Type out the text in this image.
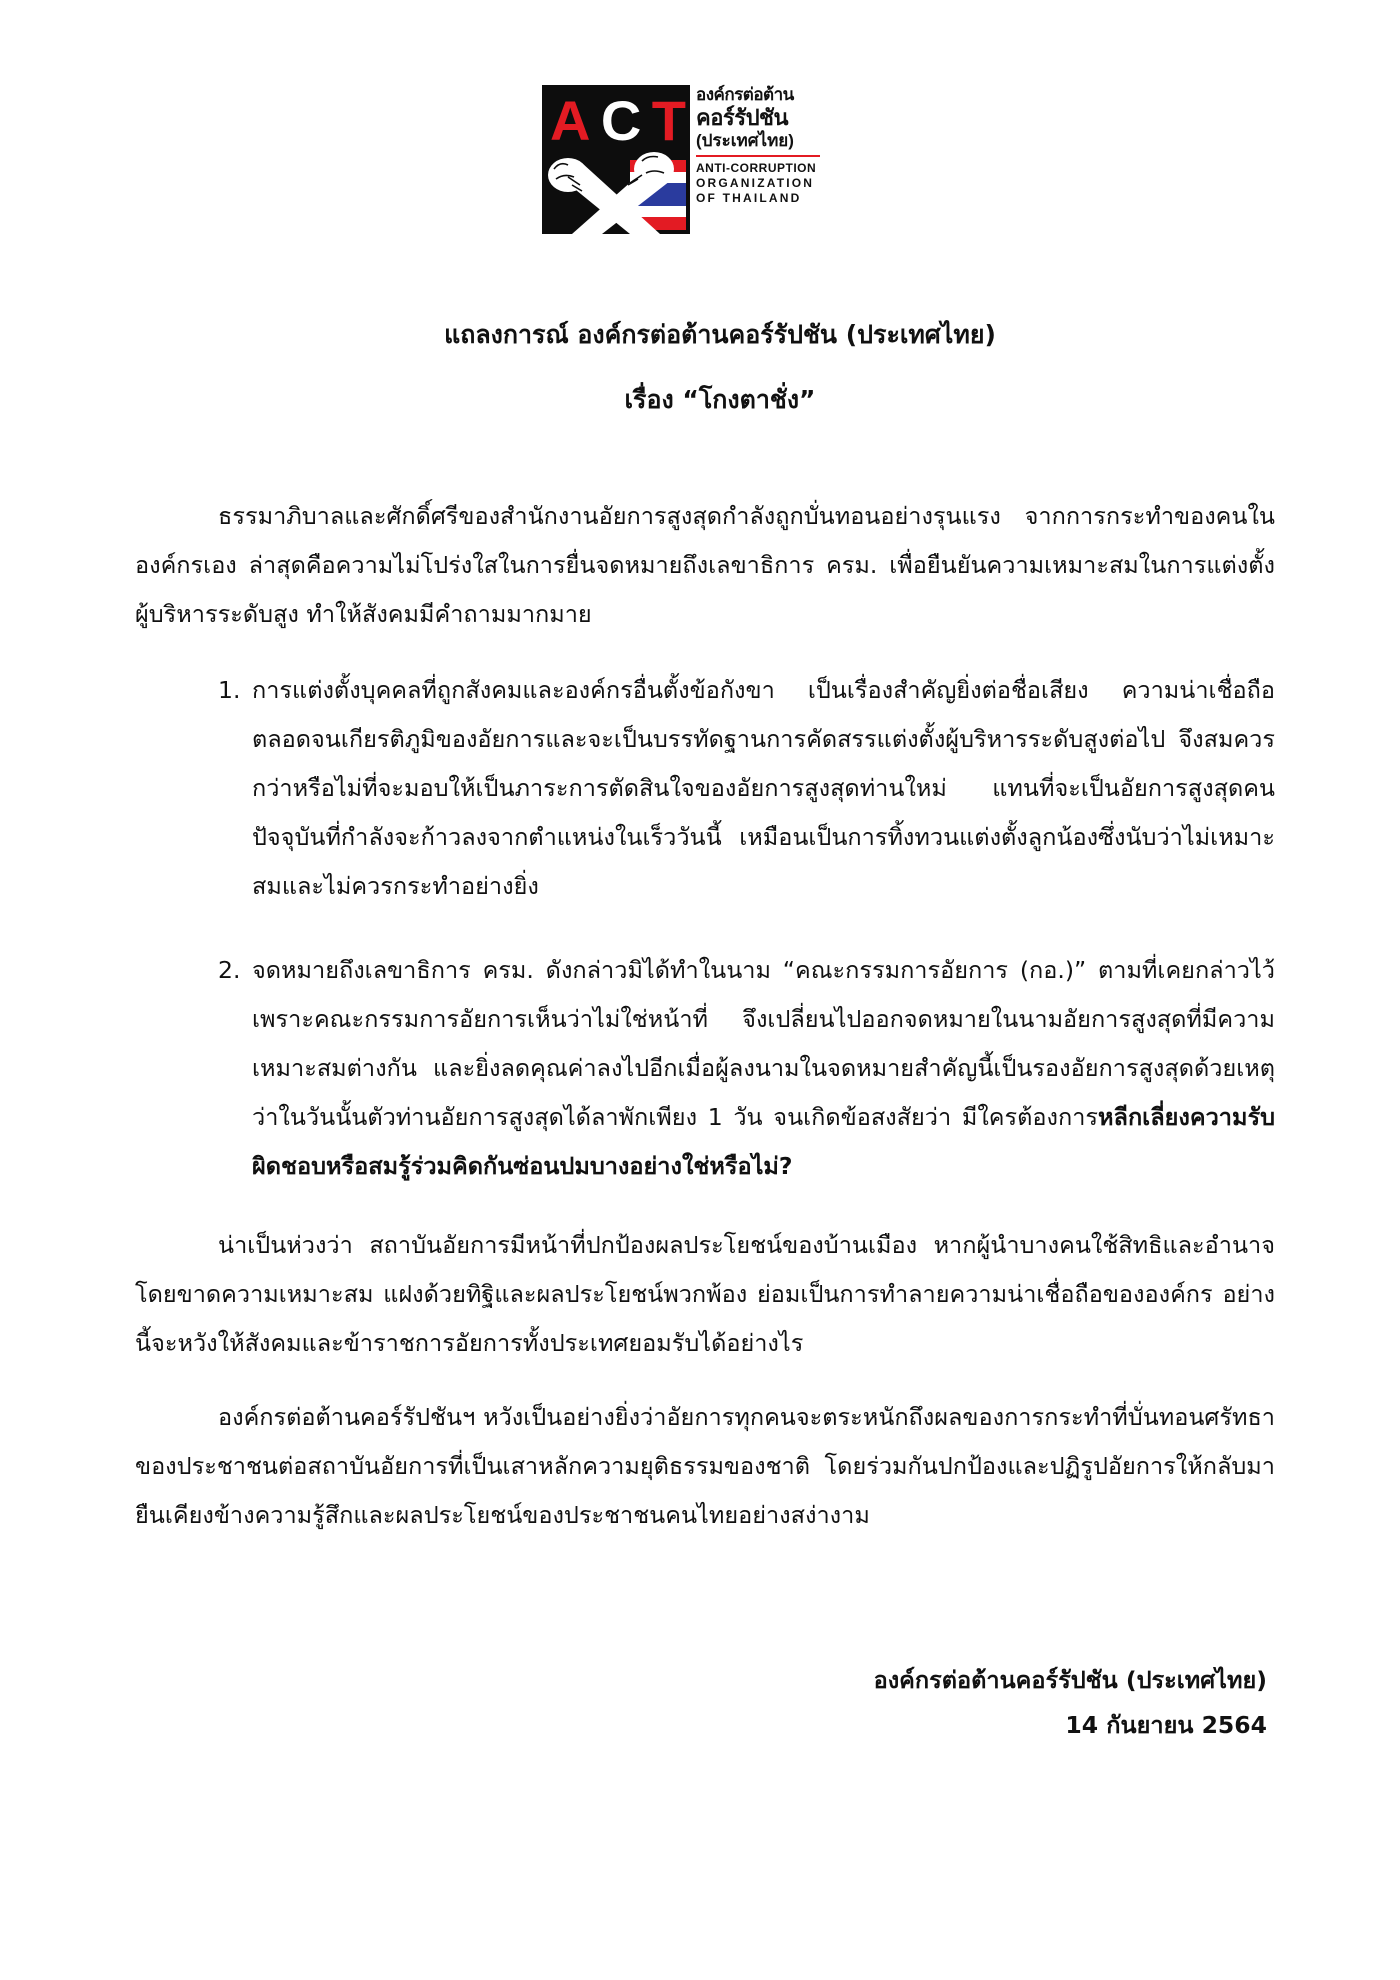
A C T องค์กรต่อต้าน
คอร์รัปชัน
(ประเทศไทย)
ANTI-CORRUPTION
ORGANIZATION
OF THAILAND
แถลงการณ์ องค์กรต่อต้านคอร์รัปชัน (ประเทศไทย)
เรื่อง “โกงตาชั่ง”

ธรรมาภิบาลและศักดิ์ศรีของสำนักงานอัยการสูงสุดกำลังถูกบั่นทอนอย่างรุนแรง จากการกระทำของคนในองค์กรเอง ล่าสุดคือความไม่โปร่งใสในการยื่นจดหมายถึงเลขาธิการ ครม. เพื่อยืนยันความเหมาะสมในการแต่งตั้งผู้บริหารระดับสูง ทำให้สังคมมีคำถามมากมาย

1. การแต่งตั้งบุคคลที่ถูกสังคมและองค์กรอื่นตั้งข้อกังขา เป็นเรื่องสำคัญยิ่งต่อชื่อเสียง ความน่าเชื่อถือตลอดจนเกียรติภูมิของอัยการและจะเป็นบรรทัดฐานการคัดสรรแต่งตั้งผู้บริหารระดับสูงต่อไป จึงสมควรกว่าหรือไม่ที่จะมอบให้เป็นภาระการตัดสินใจของอัยการสูงสุดท่านใหม่ แทนที่จะเป็นอัยการสูงสุดคนปัจจุบันที่กำลังจะก้าวลงจากตำแหน่งในเร็ววันนี้ เหมือนเป็นการทิ้งทวนแต่งตั้งลูกน้องซึ่งนับว่าไม่เหมาะสมและไม่ควรกระทำอย่างยิ่ง
2. จดหมายถึงเลขาธิการ ครม. ดังกล่าวมิได้ทำในนาม “คณะกรรมการอัยการ (กอ.)” ตามที่เคยกล่าวไว้ เพราะคณะกรรมการอัยการเห็นว่าไม่ใช่หน้าที่ จึงเปลี่ยนไปออกจดหมายในนามอัยการสูงสุดที่มีความเหมาะสมต่างกัน และยิ่งลดคุณค่าลงไปอีกเมื่อผู้ลงนามในจดหมายสำคัญนี้เป็นรองอัยการสูงสุดด้วยเหตุว่าในวันนั้นตัวท่านอัยการสูงสุดได้ลาพักเพียง 1 วัน จนเกิดข้อสงสัยว่า มีใครต้องการหลีกเลี่ยงความรับผิดชอบหรือสมรู้ร่วมคิดกันซ่อนปมบางอย่างใช่หรือไม่?

น่าเป็นห่วงว่า สถาบันอัยการมีหน้าที่ปกป้องผลประโยชน์ของบ้านเมือง หากผู้นำบางคนใช้สิทธิและอำนาจโดยขาดความเหมาะสม แฝงด้วยทิฐิและผลประโยชน์พวกพ้อง ย่อมเป็นการทำลายความน่าเชื่อถือขององค์กร อย่างนี้จะหวังให้สังคมและข้าราชการอัยการทั้งประเทศยอมรับได้อย่างไร

องค์กรต่อต้านคอร์รัปชันฯ หวังเป็นอย่างยิ่งว่าอัยการทุกคนจะตระหนักถึงผลของการกระทำที่บั่นทอนศรัทธาของประชาชนต่อสถาบันอัยการที่เป็นเสาหลักความยุติธรรมของชาติ โดยร่วมกันปกป้องและปฏิรูปอัยการให้กลับมายืนเคียงข้างความรู้สึกและผลประโยชน์ของประชาชนคนไทยอย่างสง่างาม

องค์กรต่อต้านคอร์รัปชัน (ประเทศไทย)
14 กันยายน 2564
